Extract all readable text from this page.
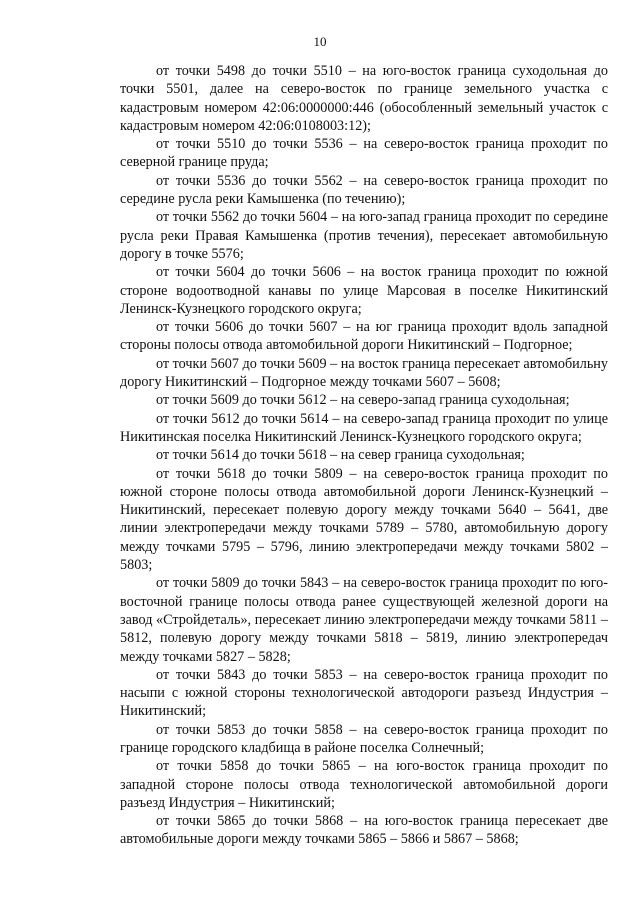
10

от точки 5498 до точки 5510 – на юго-восток граница суходольная до точки 5501, далее на северо-восток по границе земельного участка с кадастровым номером 42:06:0000000:446 (обособленный земельный участок с кадастровым номером 42:06:0108003:12);

от точки 5510 до точки 5536 – на северо-восток граница проходит по северной границе пруда;

от точки 5536 до точки 5562 – на северо-восток граница проходит по середине русла реки Камышенка (по течению);

от точки 5562 до точки 5604 – на юго-запад граница проходит по середине русла реки Правая Камышенка (против течения), пересекает автомобильную дорогу в точке 5576;

от точки 5604 до точки 5606 – на восток граница проходит по южной стороне водоотводной канавы по улице Марсовая в поселке Никитинский Ленинск-Кузнецкого городского округа;

от точки 5606 до точки 5607 – на юг граница проходит вдоль западной стороны полосы отвода автомобильной дороги Никитинский – Подгорное;

от точки 5607 до точки 5609 – на восток граница пересекает автомобильну дорогу Никитинский – Подгорное между точками 5607 – 5608;

от точки 5609 до точки 5612 – на северо-запад граница суходольная;

от точки 5612 до точки 5614 – на северо-запад граница проходит по улице Никитинская поселка Никитинский Ленинск-Кузнецкого городского округа;

от точки 5614 до точки 5618 – на север граница суходольная;

от точки 5618 до точки 5809 – на северо-восток граница проходит по южной стороне полосы отвода автомобильной дороги Ленинск-Кузнецкий – Никитинский, пересекает полевую дорогу между точками 5640 – 5641, две линии электропередачи между точками 5789 – 5780, автомобильную дорогу между точками 5795 – 5796, линию электропередачи между точками 5802 – 5803;

от точки 5809 до точки 5843 – на северо-восток граница проходит по юго-восточной границе полосы отвода ранее существующей железной дороги на завод «Стройдеталь», пересекает линию электропередачи между точками 5811 – 5812, полевую дорогу между точками 5818 – 5819, линию электропередач между точками 5827 – 5828;

от точки 5843 до точки 5853 – на северо-восток граница проходит по насыпи с южной стороны технологической автодороги разъезд Индустрия – Никитинский;

от точки 5853 до точки 5858 – на северо-восток граница проходит по границе городского кладбища в районе поселка Солнечный;

от точки 5858 до точки 5865 – на юго-восток граница проходит по западной стороне полосы отвода технологической автомобильной дороги разъезд Индустрия – Никитинский;

от точки 5865 до точки 5868 – на юго-восток граница пересекает две автомобильные дороги между точками 5865 – 5866 и 5867 – 5868;
